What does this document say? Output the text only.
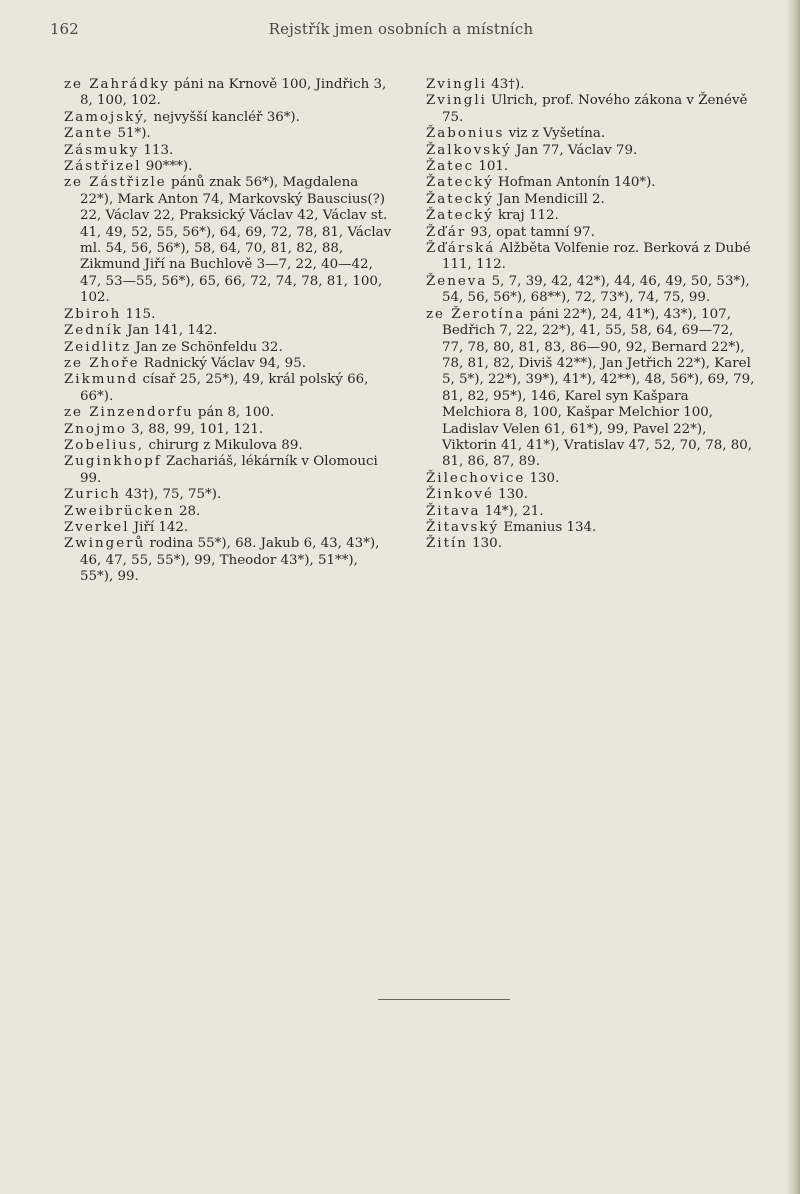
162	Rejstřík jmen osobních a místních

ze Zahrádky páni na Krnově 100, Jindřich 3, 8, 100, 102.

Zamojský, nejvyšší kancléř 36*).

Zante 51*).

Zásmuky 113.

Zástřizel 90***).

ze Zástřizle pánů znak 56*), Magdalena 22*), Mark Anton 74, Markovský Bauscius(?) 22, Václav 22, Praksický Václav 42, Václav st. 41, 49, 52, 55, 56*), 64, 69, 72, 78, 81, Václav ml. 54, 56, 56*), 58, 64, 70, 81, 82, 88, Zikmund Jiří na Buchlově 3—7, 22, 40—42, 47, 53—55, 56*), 65, 66, 72, 74, 78, 81, 100, 102.

Zbiroh 115.

Zedník Jan 141, 142.

Zeidlitz Jan ze Schönfeldu 32.

ze Zhoře Radnický Václav 94, 95.

Zikmund císař 25, 25*), 49, král polský 66, 66*).

ze Zinzendorfu pán 8, 100.

Znojmo 3, 88, 99, 101, 121.

Zobelius, chirurg z Mikulova 89.

Zuginkhopf Zachariáš, lékárník v Olomouci 99.

Zurich 43†), 75, 75*).

Zweibrücken 28.

Zverkel Jiří 142.

Zwingerů rodina 55*), 68. Jakub 6, 43, 43*), 46, 47, 55, 55*), 99, Theodor 43*), 51**), 55*), 99.

Zvingli 43†).

Zvingli Ulrich, prof. Nového zákona v Ženévě 75.

Žabonius viz z Vyšetína.

Žalkovský Jan 77, Václav 79.

Žatec 101.

Žatecký Hofman Antonín 140*).

Žatecký Jan Mendicill 2.

Žatecký kraj 112.

Žďár 93, opat tamní 97.

Žďárská Alžběta Volfenie roz. Berková z Dubé 111, 112.

Ženeva 5, 7, 39, 42, 42*), 44, 46, 49, 50, 53*), 54, 56, 56*), 68**), 72, 73*), 74, 75, 99.

ze Žerotína páni 22*), 24, 41*), 43*), 107, Bedřich 7, 22, 22*), 41, 55, 58, 64, 69—72, 77, 78, 80, 81, 83, 86—90, 92, Bernard 22*), 78, 81, 82, Diviš 42**), Jan Jetřich 22*), Karel 5, 5*), 22*), 39*), 41*), 42**), 48, 56*), 69, 79, 81, 82, 95*), 146, Karel syn Kašpara Melchiora 8, 100, Kašpar Melchior 100, Ladislav Velen 61, 61*), 99, Pavel 22*), Viktorin 41, 41*), Vratislav 47, 52, 70, 78, 80, 81, 86, 87, 89.

Žilechovice 130.

Žinkové 130.

Žitava 14*), 21.

Žitavský Emanius 134.

Žitín 130.
